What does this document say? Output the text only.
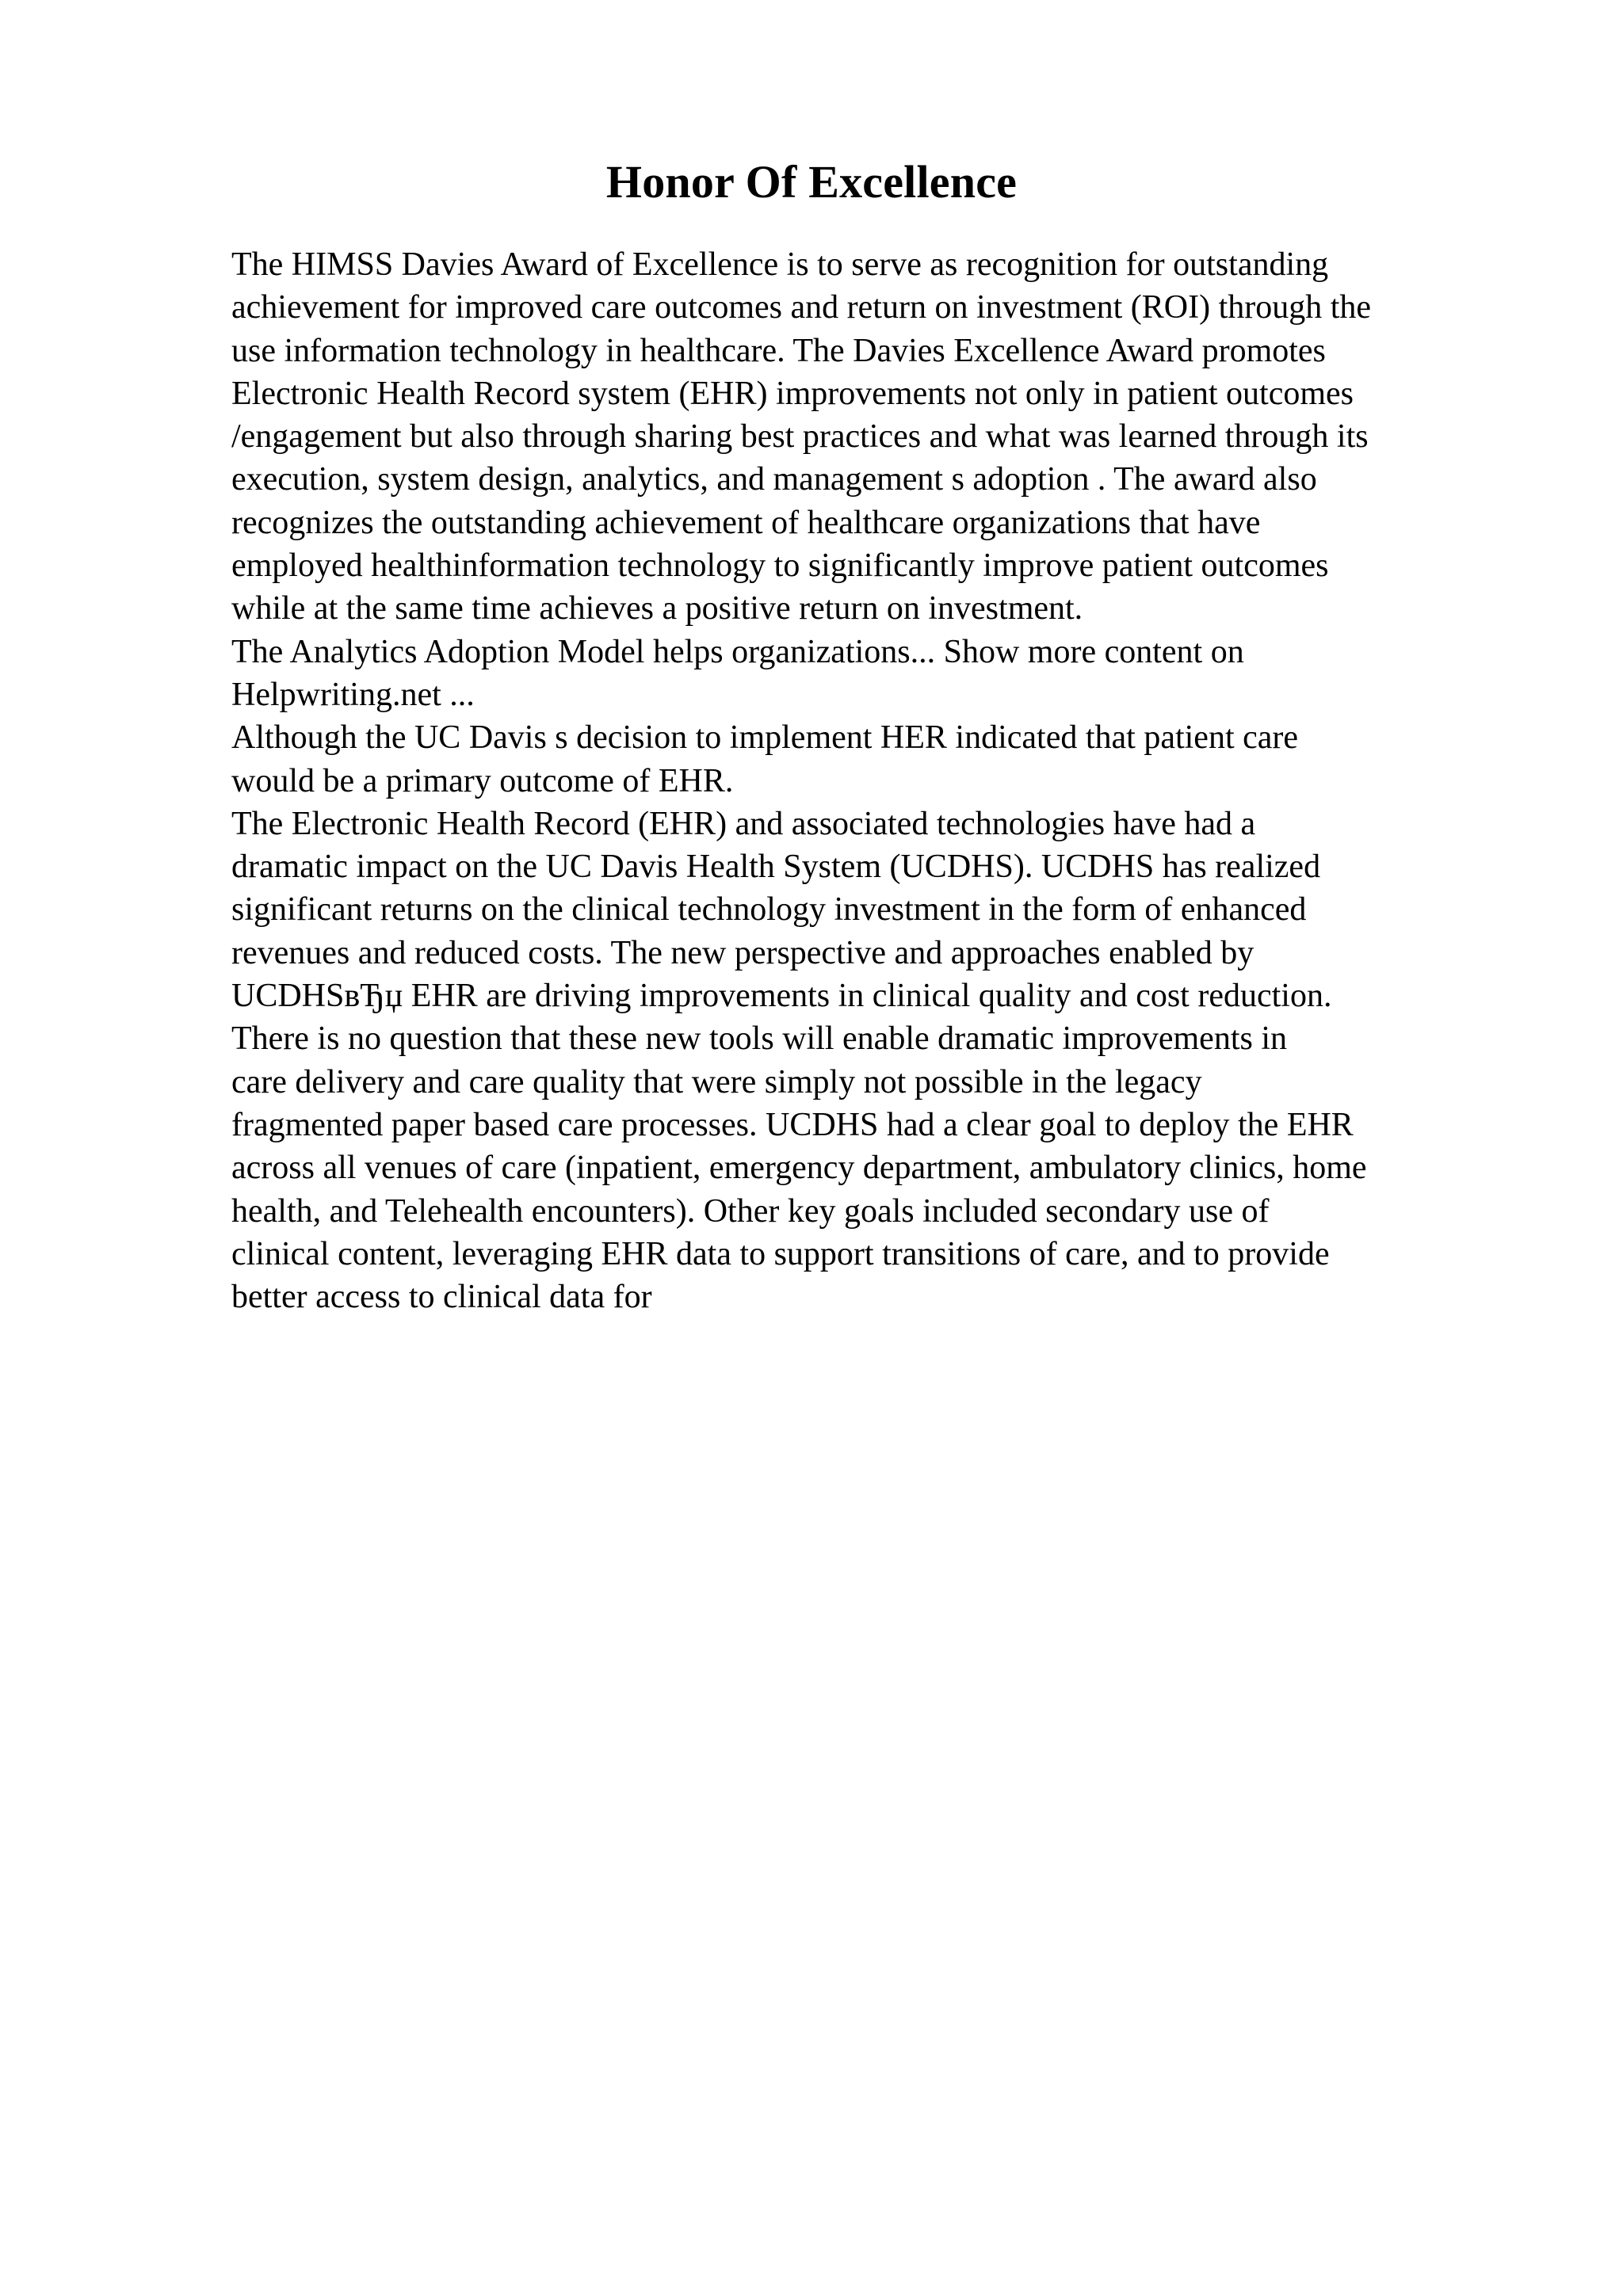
Honor Of Excellence
The HIMSS Davies Award of Excellence is to serve as recognition for outstanding
achievement for improved care outcomes and return on investment (ROI) through the
use information technology in healthcare. The Davies Excellence Award promotes
Electronic Health Record system (EHR) improvements not only in patient outcomes
/engagement but also through sharing best practices and what was learned through its
execution, system design, analytics, and management s adoption . The award also
recognizes the outstanding achievement of healthcare organizations that have
employed healthinformation technology to significantly improve patient outcomes
while at the same time achieves a positive return on investment.
The Analytics Adoption Model helps organizations... Show more content on
Helpwriting.net ...
Although the UC Davis s decision to implement HER indicated that patient care
would be a primary outcome of EHR.
The Electronic Health Record (EHR) and associated technologies have had a
dramatic impact on the UC Davis Health System (UCDHS). UCDHS has realized
significant returns on the clinical technology investment in the form of enhanced
revenues and reduced costs. The new perspective and approaches enabled by
UCDHSвЂџ EHR are driving improvements in clinical quality and cost reduction.
There is no question that these new tools will enable dramatic improvements in
care delivery and care quality that were simply not possible in the legacy
fragmented paper based care processes. UCDHS had a clear goal to deploy the EHR
across all venues of care (inpatient, emergency department, ambulatory clinics, home
health, and Telehealth encounters). Other key goals included secondary use of
clinical content, leveraging EHR data to support transitions of care, and to provide
better access to clinical data for
